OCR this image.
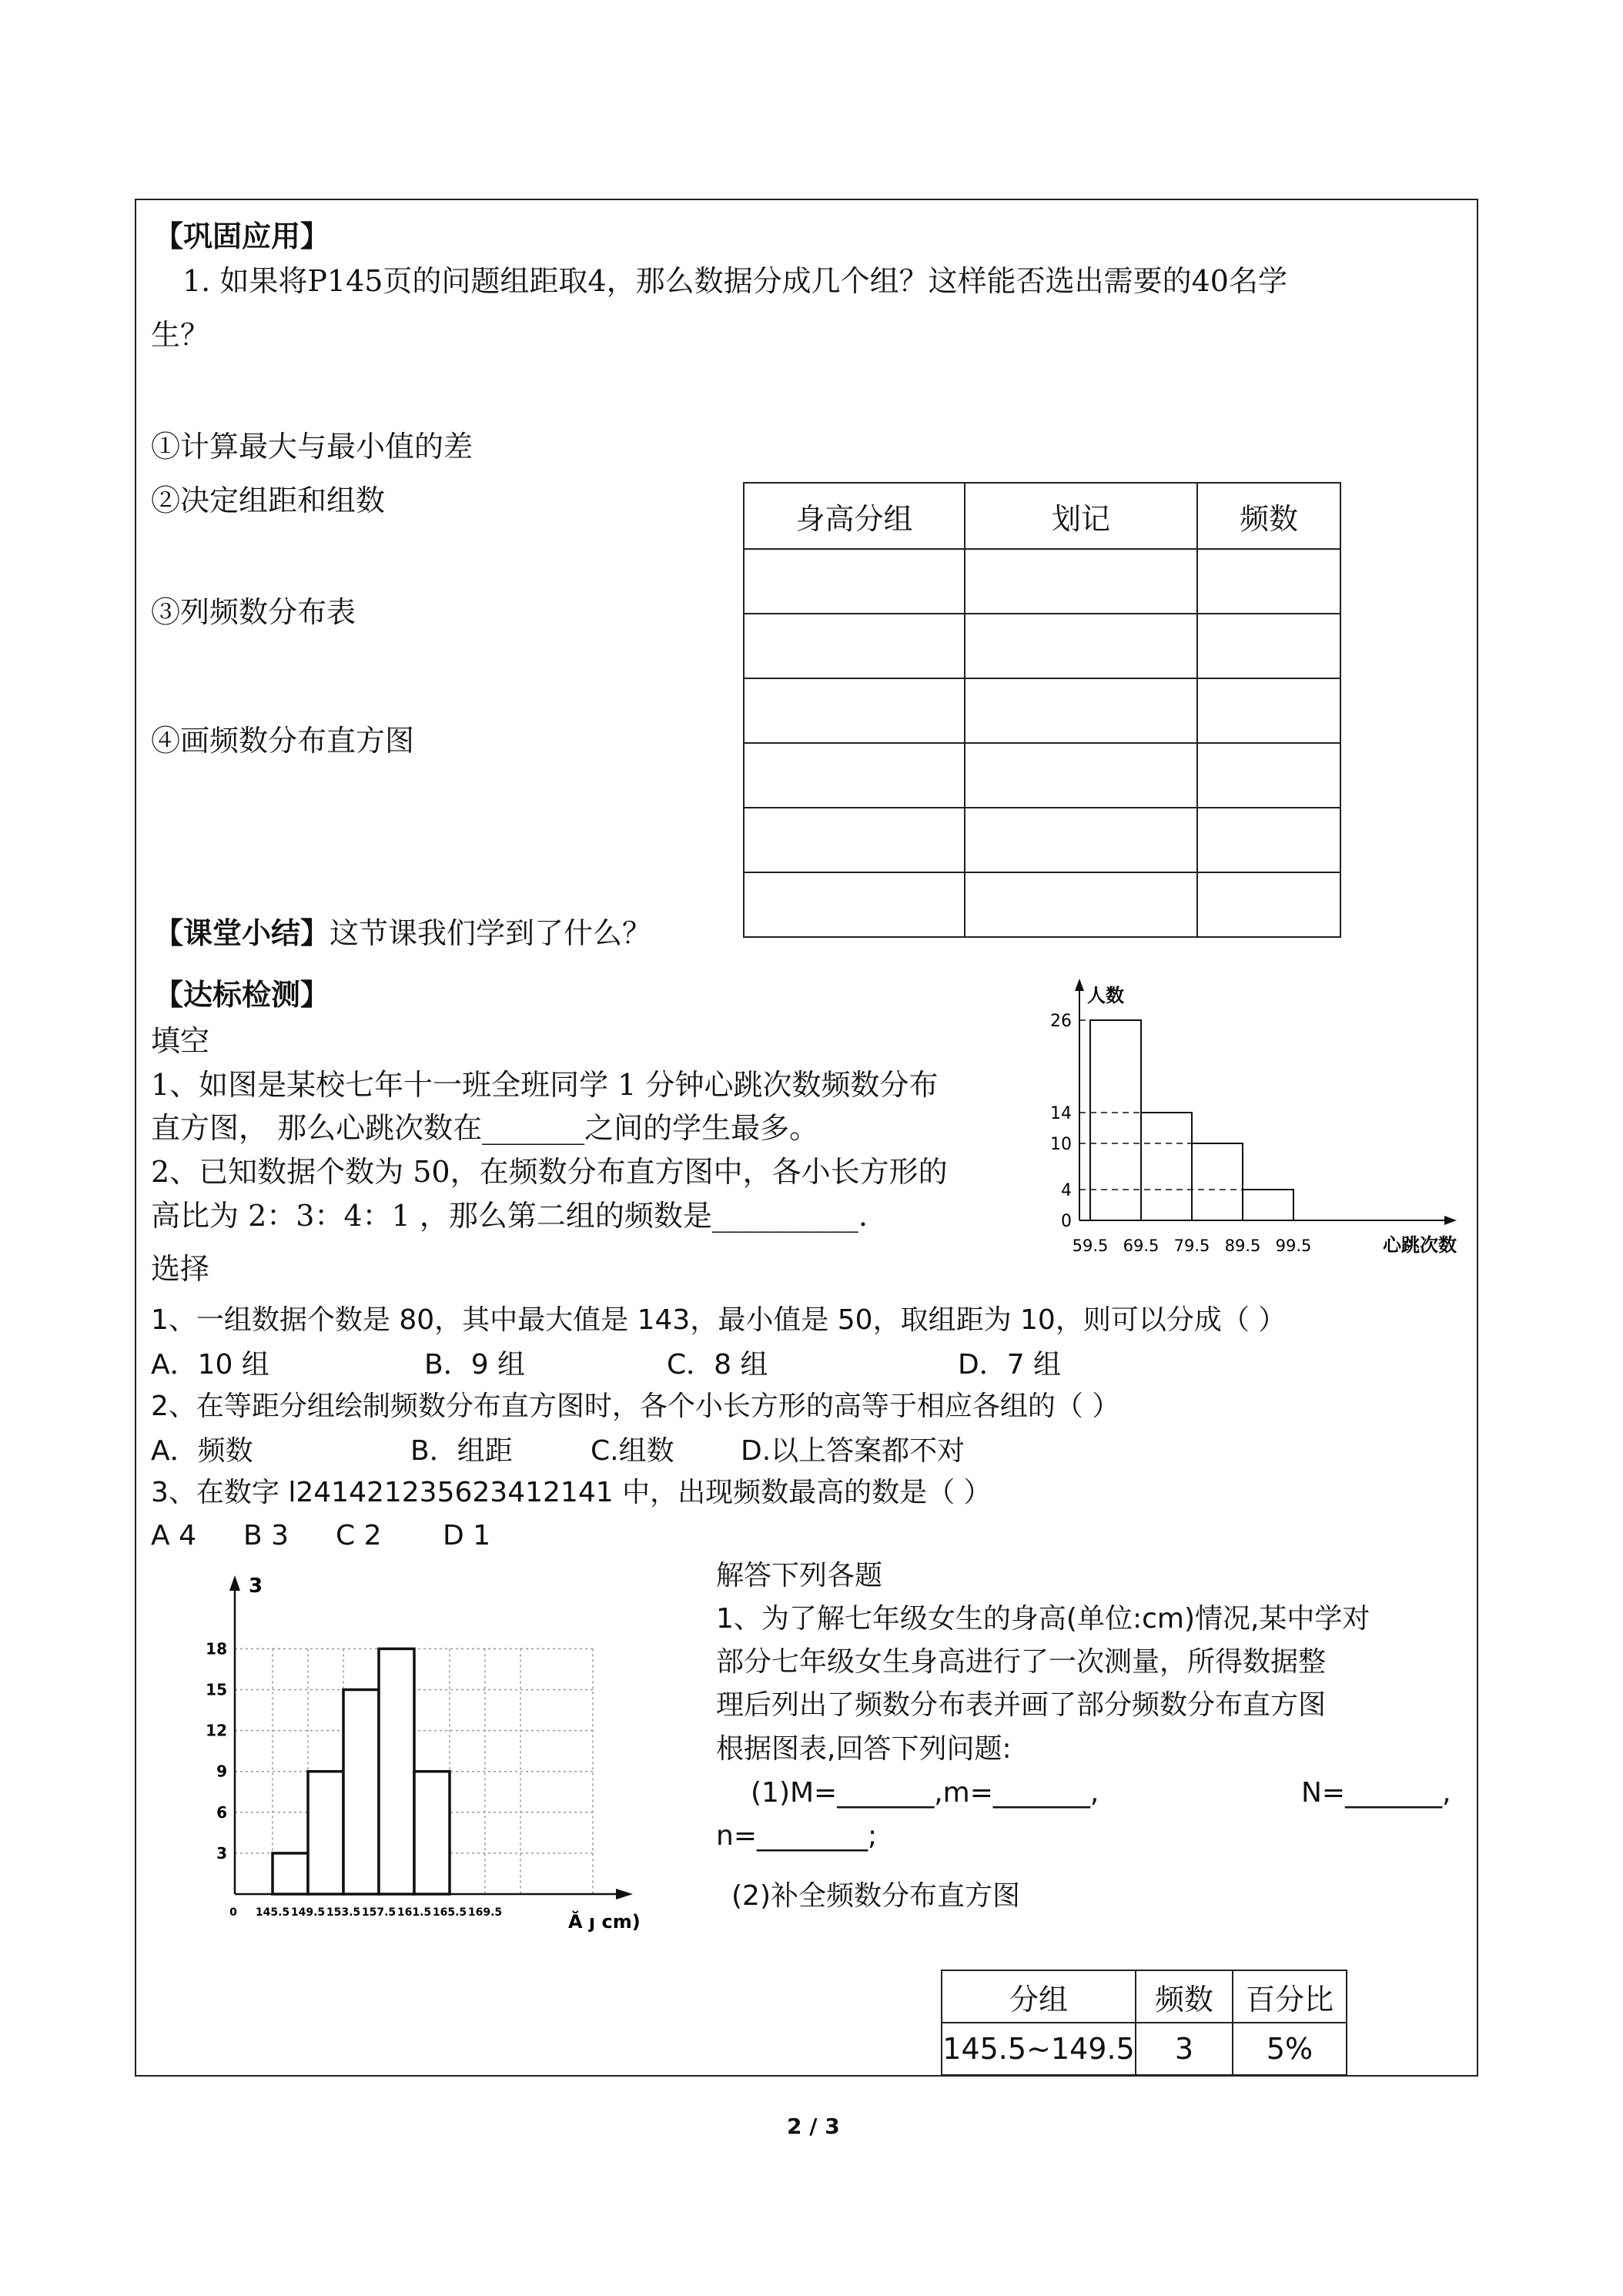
【巩固应用】
1. 如果将P145页的问题组距取4，那么数据分成几个组？这样能否选出需要的40名学
生？
①计算最大与最小值的差
②决定组距和组数
③列频数分布表
④画频数分布直方图
身高分组	划记	频数

【课堂小结】这节课我们学到了什么？
【达标检测】
填空
1、如图是某校七年十一班全班同学 1 分钟心跳次数频数分布
直方图， 那么心跳次数在_______之间的学生最多。
2、已知数据个数为 50，在频数分布直方图中，各小长方形的
高比为 2：3：4：1 ，那么第二组的频数是__________.
选择
0
4
10
14
26
59.5 69.5 79.5 89.5 99.5
人数
心跳次数
1、一组数据个数是 80，其中最大值是 143，最小值是 50，取组距为 10，则可以分成（ ）
A．10 组	B．9 组	C．8 组	D．7 组
2、在等距分组绘制频数分布直方图时，各个小长方形的高等于相应各组的（ ）
A．频数	B．组距	C.组数 D.以上答案都不对
3、在数字 l241421235623412141 中，出现频数最高的数是（ ）
A 4 B 3 C 2 D 1
3
6
9
12
15
18
0 145.5 149.5 153.5 157.5 161.5 165.5 169.5
3
Ă ȷ cm)
解答下列各题
1、为了解七年级女生的身高(单位:cm)情况,某中学对
部分七年级女生身高进行了一次测量，所得数据整
理后列出了频数分布表并画了部分频数分布直方图
根据图表,回答下列问题:
(1)M=_______,m=_______,	N=_______,
n=________;
(2)补全频数分布直方图
分组	频数	百分比
145.5~149.5	3	5%
2 / 3
